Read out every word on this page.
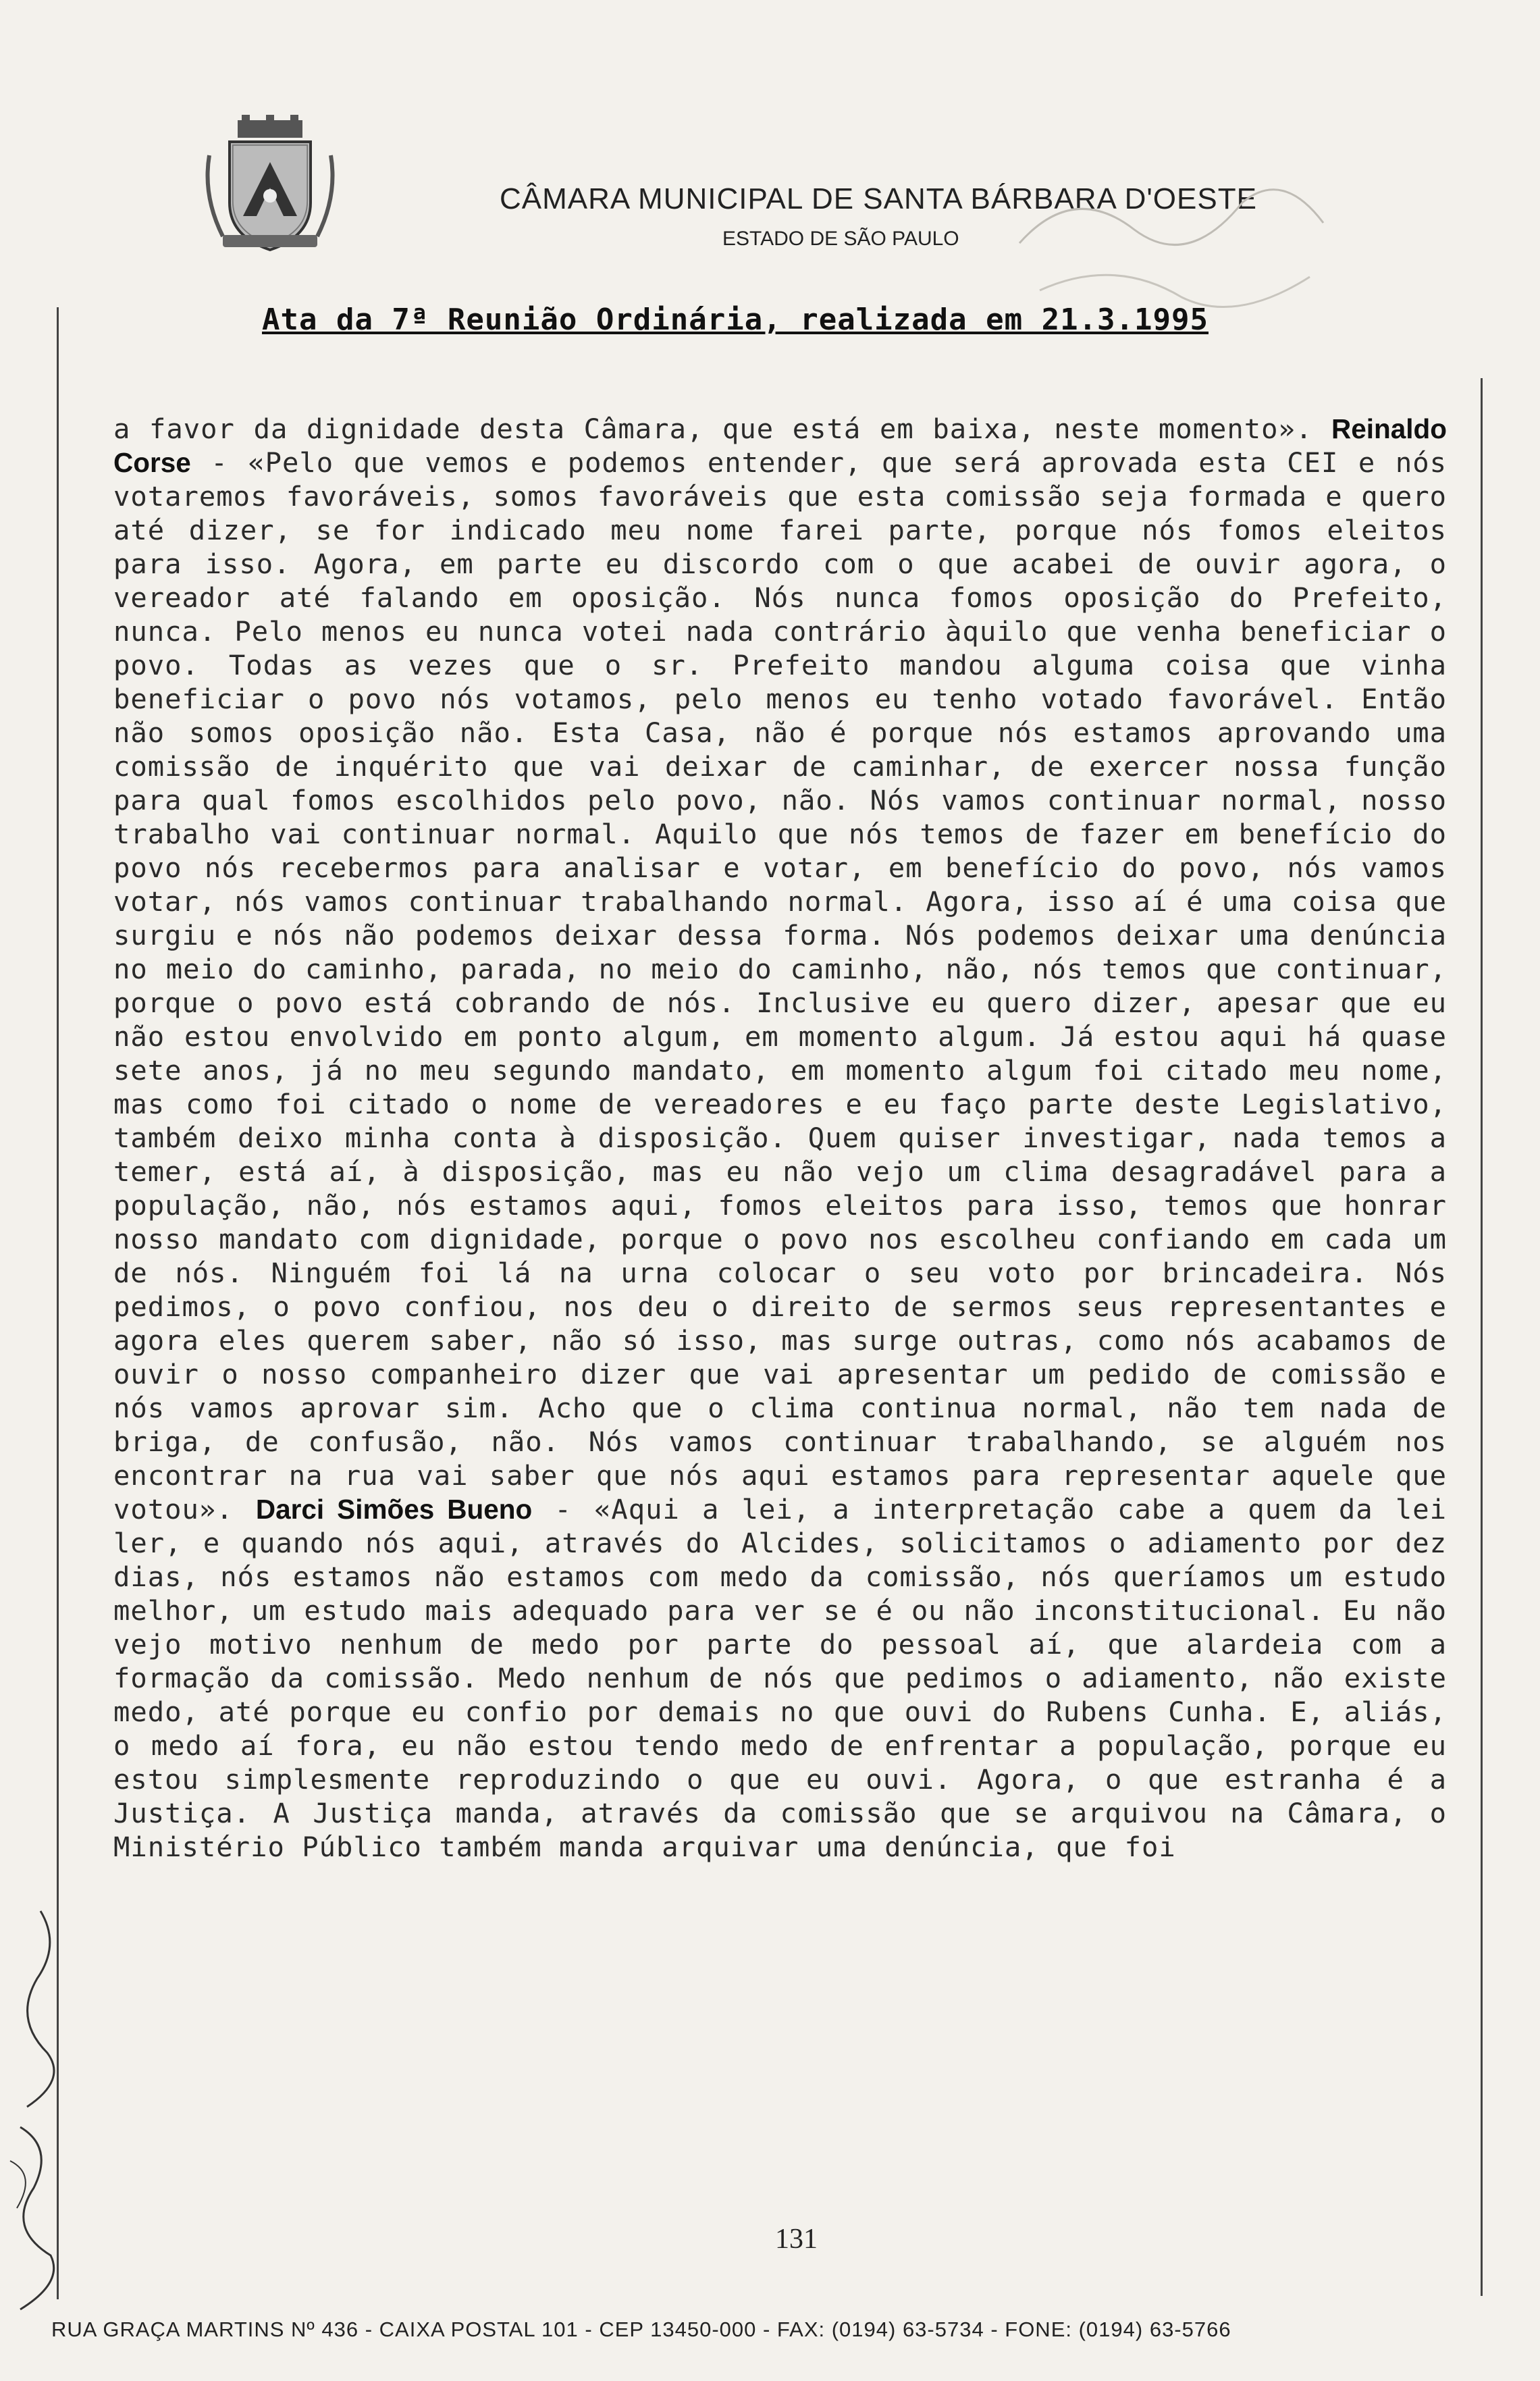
CÂMARA MUNICIPAL DE SANTA BÁRBARA D'OESTE
ESTADO DE SÃO PAULO
Ata da 7ª Reunião Ordinária, realizada em 21.3.1995
a favor da dignidade desta Câmara, que está em baixa, neste momento». Reinaldo Corse - «Pelo que vemos e podemos entender, que será aprovada esta CEI e nós votaremos favoráveis, somos favoráveis que esta comissão seja formada e quero até dizer, se for indicado meu nome farei parte, porque nós fomos eleitos para isso. Agora, em parte eu discordo com o que acabei de ouvir agora, o vereador até falando em oposição. Nós nunca fomos oposição do Prefeito, nunca. Pelo menos eu nunca votei nada contrário àquilo que venha beneficiar o povo. Todas as vezes que o sr. Prefeito mandou alguma coisa que vinha beneficiar o povo nós votamos, pelo menos eu tenho votado favorável. Então não somos oposição não. Esta Casa, não é porque nós estamos aprovando uma comissão de inquérito que vai deixar de caminhar, de exercer nossa função para qual fomos escolhidos pelo povo, não. Nós vamos continuar normal, nosso trabalho vai continuar normal. Aquilo que nós temos de fazer em benefício do povo nós recebermos para analisar e votar, em benefício do povo, nós vamos votar, nós vamos continuar trabalhando normal. Agora, isso aí é uma coisa que surgiu e nós não podemos deixar dessa forma. Nós podemos deixar uma denúncia no meio do caminho, parada, no meio do caminho, não, nós temos que continuar, porque o povo está cobrando de nós. Inclusive eu quero dizer, apesar que eu não estou envolvido em ponto algum, em momento algum. Já estou aqui há quase sete anos, já no meu segundo mandato, em momento algum foi citado meu nome, mas como foi citado o nome de vereadores e eu faço parte deste Legislativo, também deixo minha conta à disposição. Quem quiser investigar, nada temos a temer, está aí, à disposição, mas eu não vejo um clima desagradável para a população, não, nós estamos aqui, fomos eleitos para isso, temos que honrar nosso mandato com dignidade, porque o povo nos escolheu confiando em cada um de nós. Ninguém foi lá na urna colocar o seu voto por brincadeira. Nós pedimos, o povo confiou, nos deu o direito de sermos seus representantes e agora eles querem saber, não só isso, mas surge outras, como nós acabamos de ouvir o nosso companheiro dizer que vai apresentar um pedido de comissão e nós vamos aprovar sim. Acho que o clima continua normal, não tem nada de briga, de confusão, não. Nós vamos continuar trabalhando, se alguém nos encontrar na rua vai saber que nós aqui estamos para representar aquele que votou». Darci Simões Bueno - «Aqui a lei, a interpretação cabe a quem da lei ler, e quando nós aqui, através do Alcides, solicitamos o adiamento por dez dias, nós estamos não estamos com medo da comissão, nós queríamos um estudo melhor, um estudo mais adequado para ver se é ou não inconstitucional. Eu não vejo motivo nenhum de medo por parte do pessoal aí, que alardeia com a formação da comissão. Medo nenhum de nós que pedimos o adiamento, não existe medo, até porque eu confio por demais no que ouvi do Rubens Cunha. E, aliás, o medo aí fora, eu não estou tendo medo de enfrentar a população, porque eu estou simplesmente reproduzindo o que eu ouvi. Agora, o que estranha é a Justiça. A Justiça manda, através da comissão que se arquivou na Câmara, o Ministério Público também manda arquivar uma denúncia, que foi
131
RUA GRAÇA MARTINS Nº 436 - CAIXA POSTAL 101 - CEP 13450-000 - FAX: (0194) 63-5734 - FONE: (0194) 63-5766
